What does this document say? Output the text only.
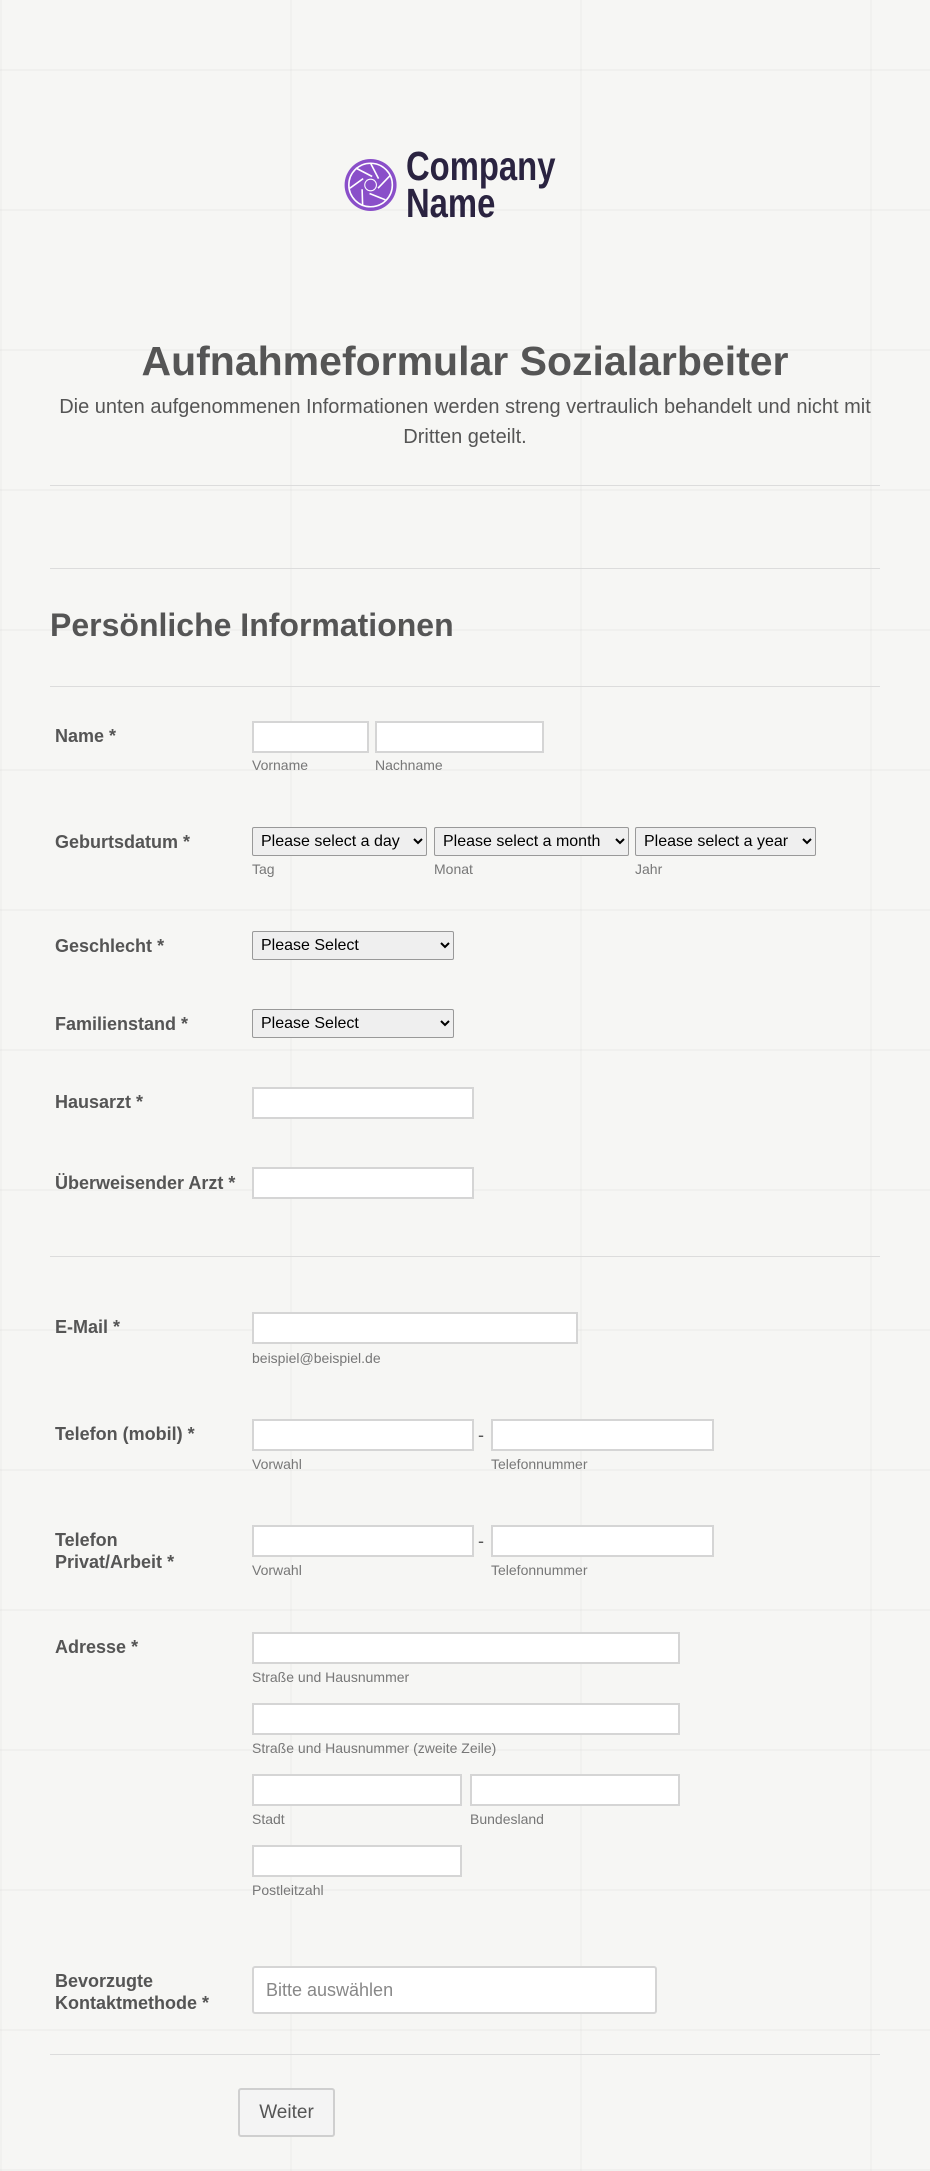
Company
Name
Aufnahmeformular Sozialarbeiter
Die unten aufgenommenen Informationen werden streng vertraulich behandelt und nicht mit Dritten geteilt.
Persönliche Informationen
Name *
Vorname	Nachname
Geburtsdatum *
Please select a day
Please select a month
Please select a year
Tag	Monat	Jahr
Geschlecht *
Please Select
Familienstand *
Please Select
Hausarzt *
Überweisender Arzt *
E-Mail *
beispiel@beispiel.de
Telefon (mobil) *	-
Vorwahl	Telefonnummer
Telefon
Privat/Arbeit *
-
Vorwahl	Telefonnummer
Adresse *
Straße und Hausnummer
Straße und Hausnummer (zweite Zeile)
Stadt	Bundesland
Postleitzahl
Bevorzugte
Kontaktmethode *
Bitte auswählen
Weiter
